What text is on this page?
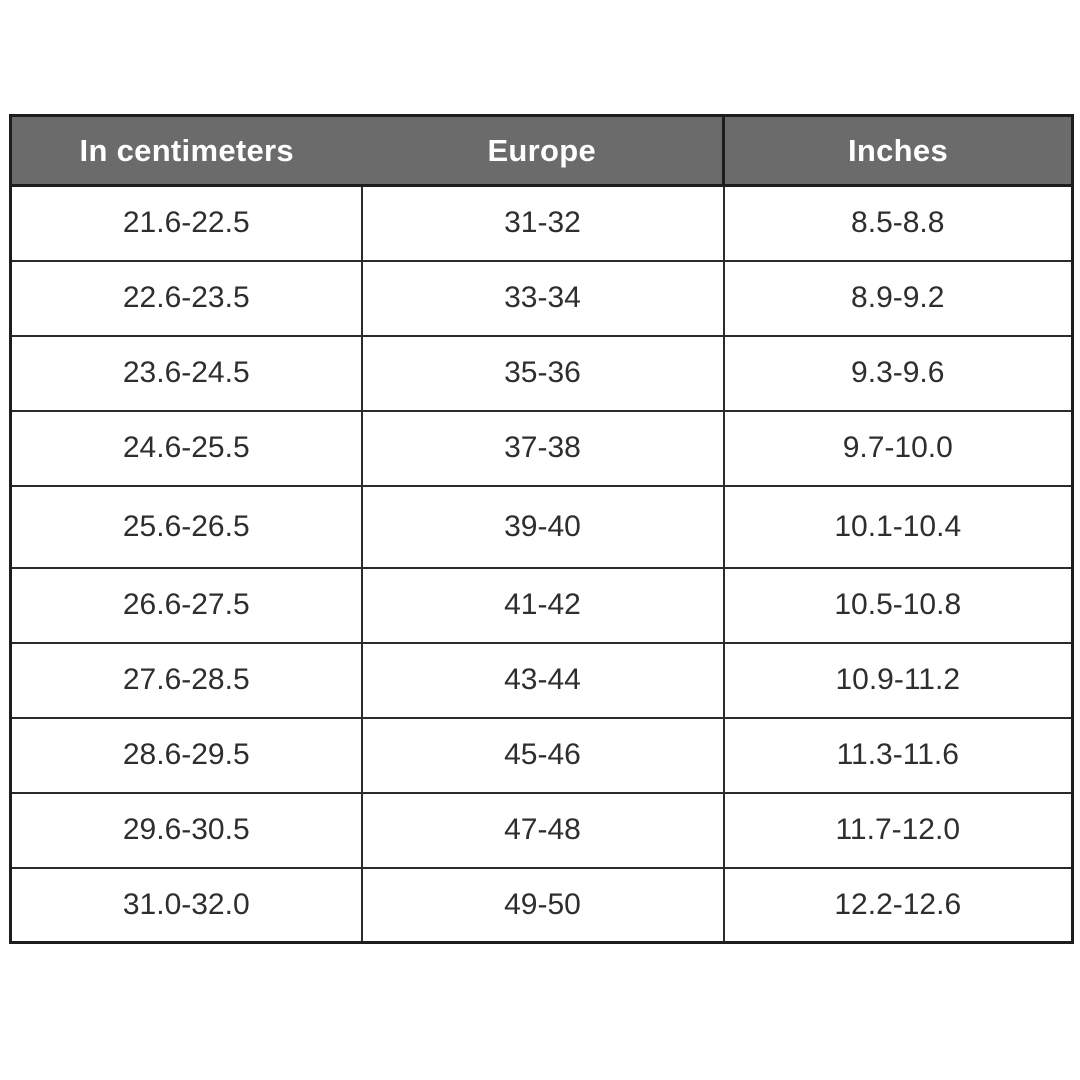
In centimeters	Europe	Inches
21.6-22.5	31-32	8.5-8.8
22.6-23.5	33-34	8.9-9.2
23.6-24.5	35-36	9.3-9.6
24.6-25.5	37-38	9.7-10.0
25.6-26.5	39-40	10.1-10.4
26.6-27.5	41-42	10.5-10.8
27.6-28.5	43-44	10.9-11.2
28.6-29.5	45-46	11.3-11.6
29.6-30.5	47-48	11.7-12.0
31.0-32.0	49-50	12.2-12.6
